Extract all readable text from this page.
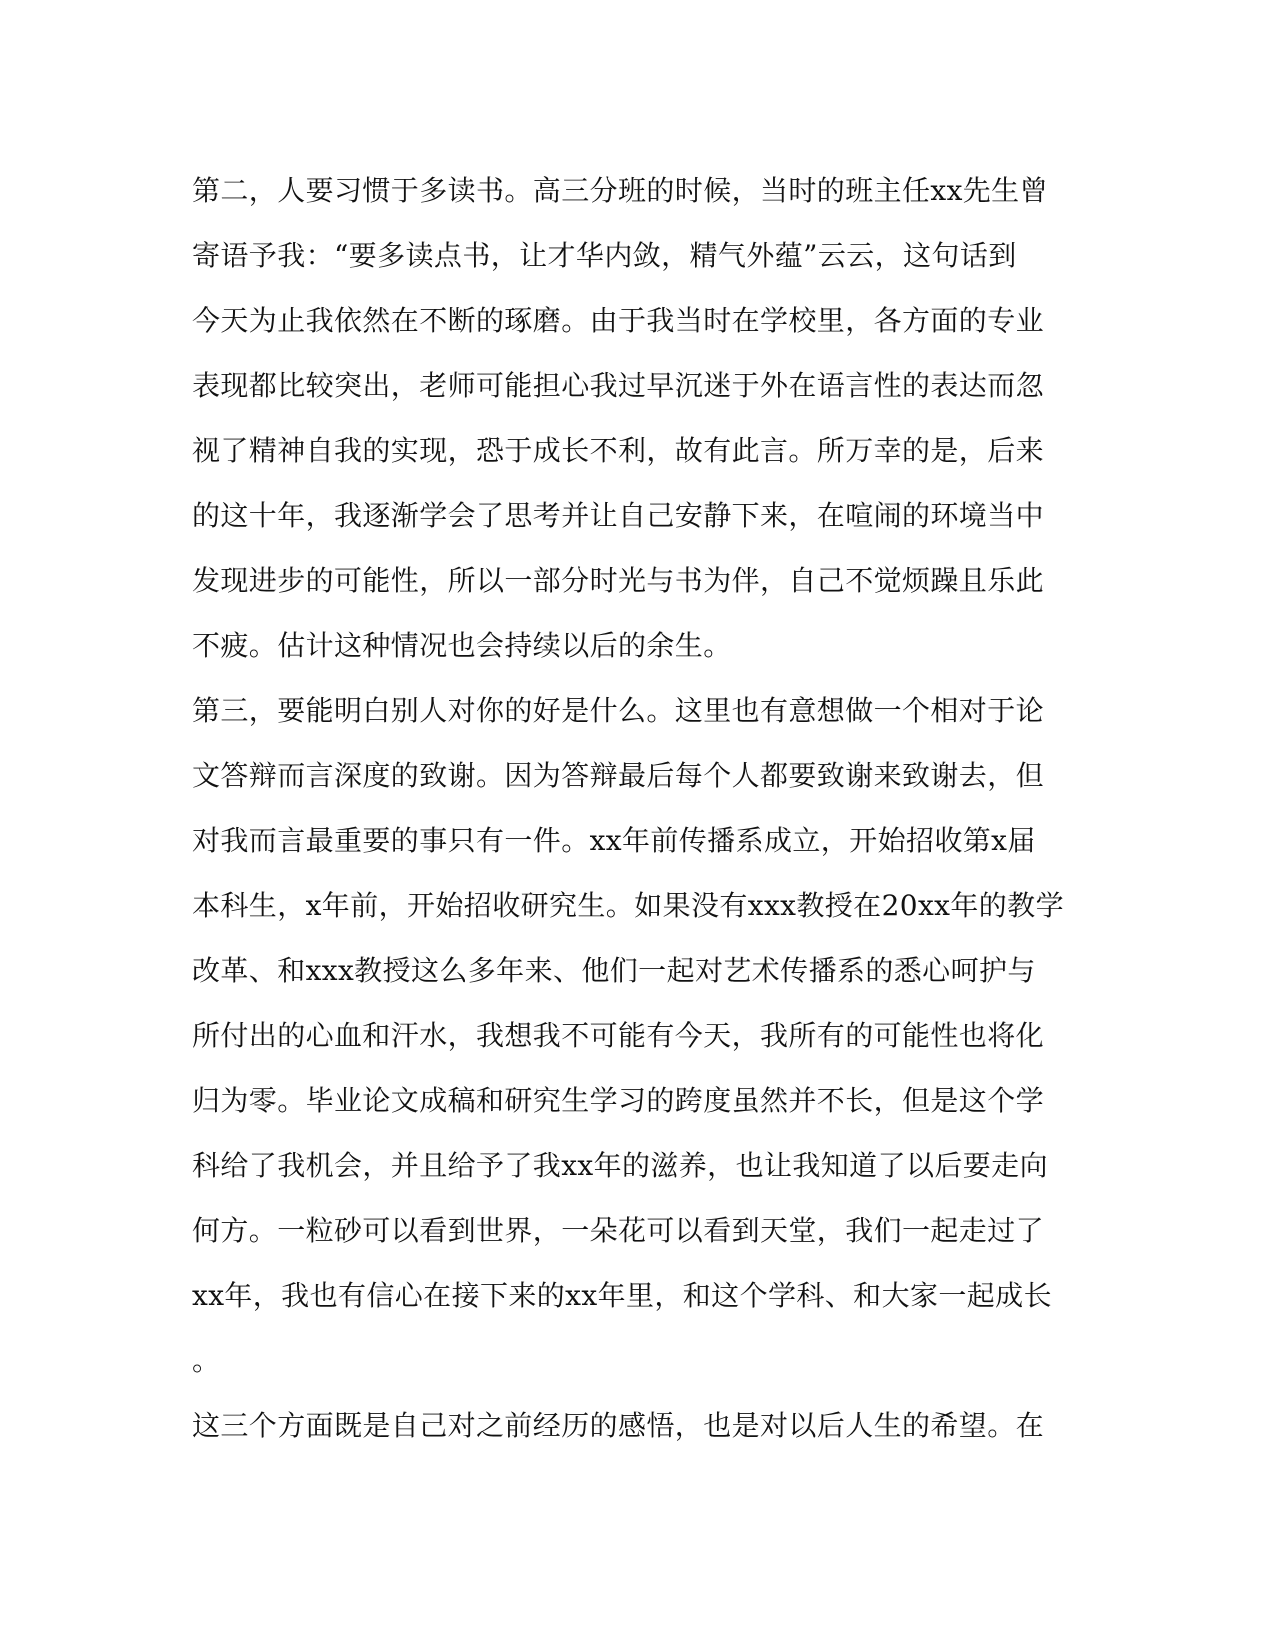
第二，人要习惯于多读书。高三分班的时候，当时的班主任xx先生曾
寄语予我：“要多读点书，让才华内敛，精气外蕴”云云，这句话到
今天为止我依然在不断的琢磨。由于我当时在学校里，各方面的专业
表现都比较突出，老师可能担心我过早沉迷于外在语言性的表达而忽
视了精神自我的实现，恐于成长不利，故有此言。所万幸的是，后来
的这十年，我逐渐学会了思考并让自己安静下来，在喧闹的环境当中
发现进步的可能性，所以一部分时光与书为伴，自己不觉烦躁且乐此
不疲。估计这种情况也会持续以后的余生。
第三，要能明白别人对你的好是什么。这里也有意想做一个相对于论
文答辩而言深度的致谢。因为答辩最后每个人都要致谢来致谢去，但
对我而言最重要的事只有一件。xx年前传播系成立，开始招收第x届
本科生，x年前，开始招收研究生。如果没有xxx教授在20xx年的教学
改革、和xxx教授这么多年来、他们一起对艺术传播系的悉心呵护与
所付出的心血和汗水，我想我不可能有今天，我所有的可能性也将化
归为零。毕业论文成稿和研究生学习的跨度虽然并不长，但是这个学
科给了我机会，并且给予了我xx年的滋养，也让我知道了以后要走向
何方。一粒砂可以看到世界，一朵花可以看到天堂，我们一起走过了
xx年，我也有信心在接下来的xx年里，和这个学科、和大家一起成长
。
这三个方面既是自己对之前经历的感悟，也是对以后人生的希望。在
